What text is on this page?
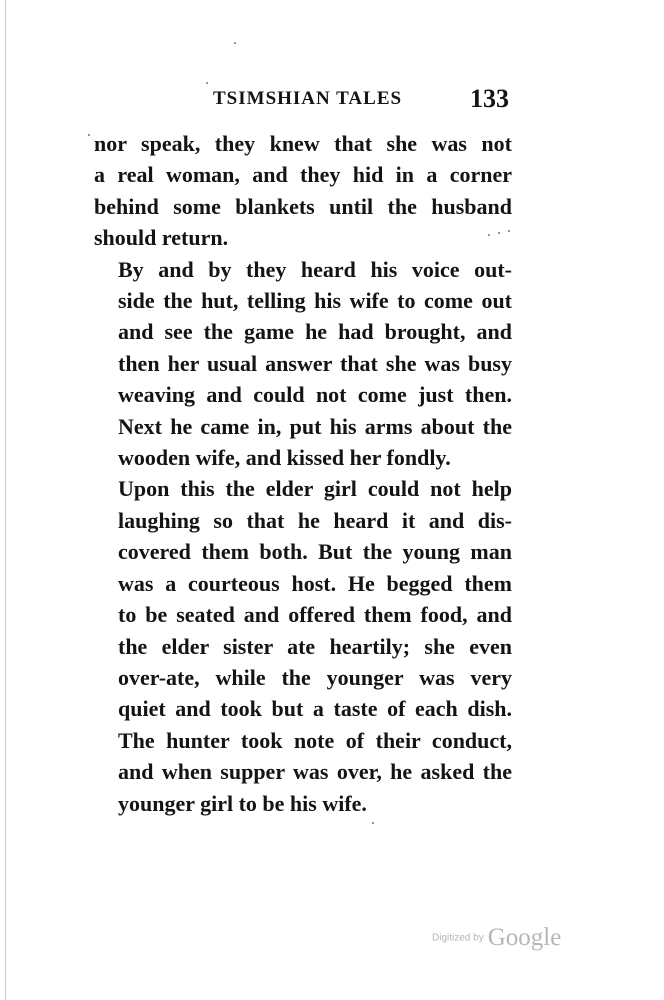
TSIMSHIAN TALES	133

nor speak, they knew that she was not
a real woman, and they hid in a corner
behind some blankets until the husband
should return.

By and by they heard his voice out-
side the hut, telling his wife to come out
and see the game he had brought, and
then her usual answer that she was busy
weaving and could not come just then.
Next he came in, put his arms about the
wooden wife, and kissed her fondly.

Upon this the elder girl could not help
laughing so that he heard it and dis-
covered them both. But the young man
was a courteous host. He begged them
to be seated and offered them food, and
the elder sister ate heartily; she even
over-ate, while the younger was very
quiet and took but a taste of each dish.
The hunter took note of their conduct,
and when supper was over, he asked the
younger girl to be his wife.

Digitized by Google
